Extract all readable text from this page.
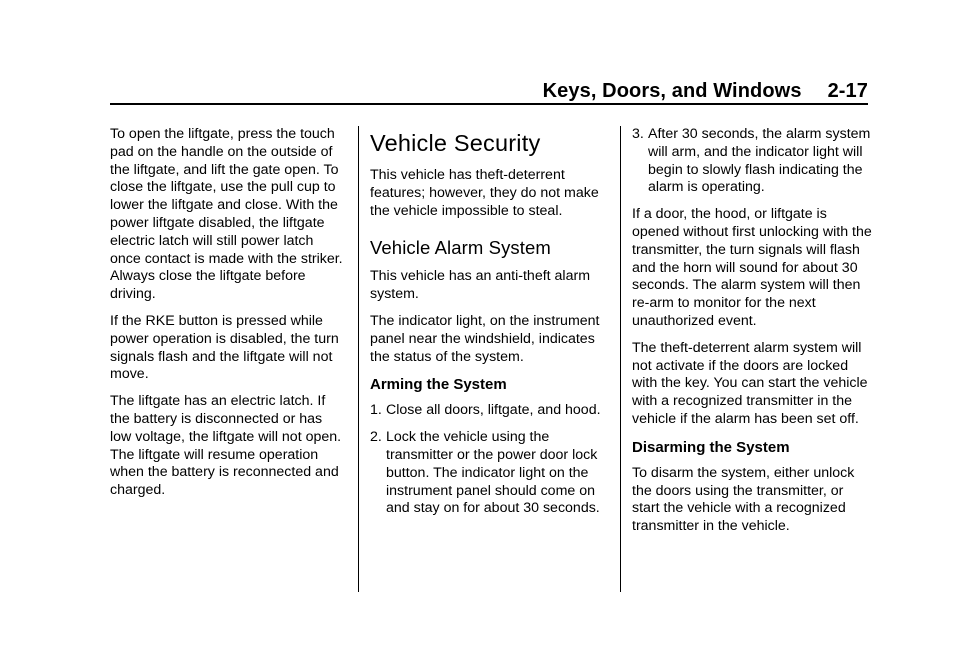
Keys, Doors, and Windows 2-17

To open the liftgate, press the touch pad on the handle on the outside of the liftgate, and lift the gate open. To close the liftgate, use the pull cup to lower the liftgate and close. With the power liftgate disabled, the liftgate electric latch will still power latch once contact is made with the striker. Always close the liftgate before driving.

If the RKE button is pressed while power operation is disabled, the turn signals flash and the liftgate will not move.

The liftgate has an electric latch. If the battery is disconnected or has low voltage, the liftgate will not open. The liftgate will resume operation when the battery is reconnected and charged.

Vehicle Security

This vehicle has theft-deterrent features; however, they do not make the vehicle impossible to steal.

Vehicle Alarm System

This vehicle has an anti-theft alarm system.

The indicator light, on the instrument panel near the windshield, indicates the status of the system.

Arming the System
1. Close all doors, liftgate, and hood.
2. Lock the vehicle using the transmitter or the power door lock button. The indicator light on the instrument panel should come on and stay on for about 30 seconds.
3. After 30 seconds, the alarm system will arm, and the indicator light will begin to slowly flash indicating the alarm is operating.

If a door, the hood, or liftgate is opened without first unlocking with the transmitter, the turn signals will flash and the horn will sound for about 30 seconds. The alarm system will then re-arm to monitor for the next unauthorized event.

The theft-deterrent alarm system will not activate if the doors are locked with the key. You can start the vehicle with a recognized transmitter in the vehicle if the alarm has been set off.

Disarming the System

To disarm the system, either unlock the doors using the transmitter, or start the vehicle with a recognized transmitter in the vehicle.
